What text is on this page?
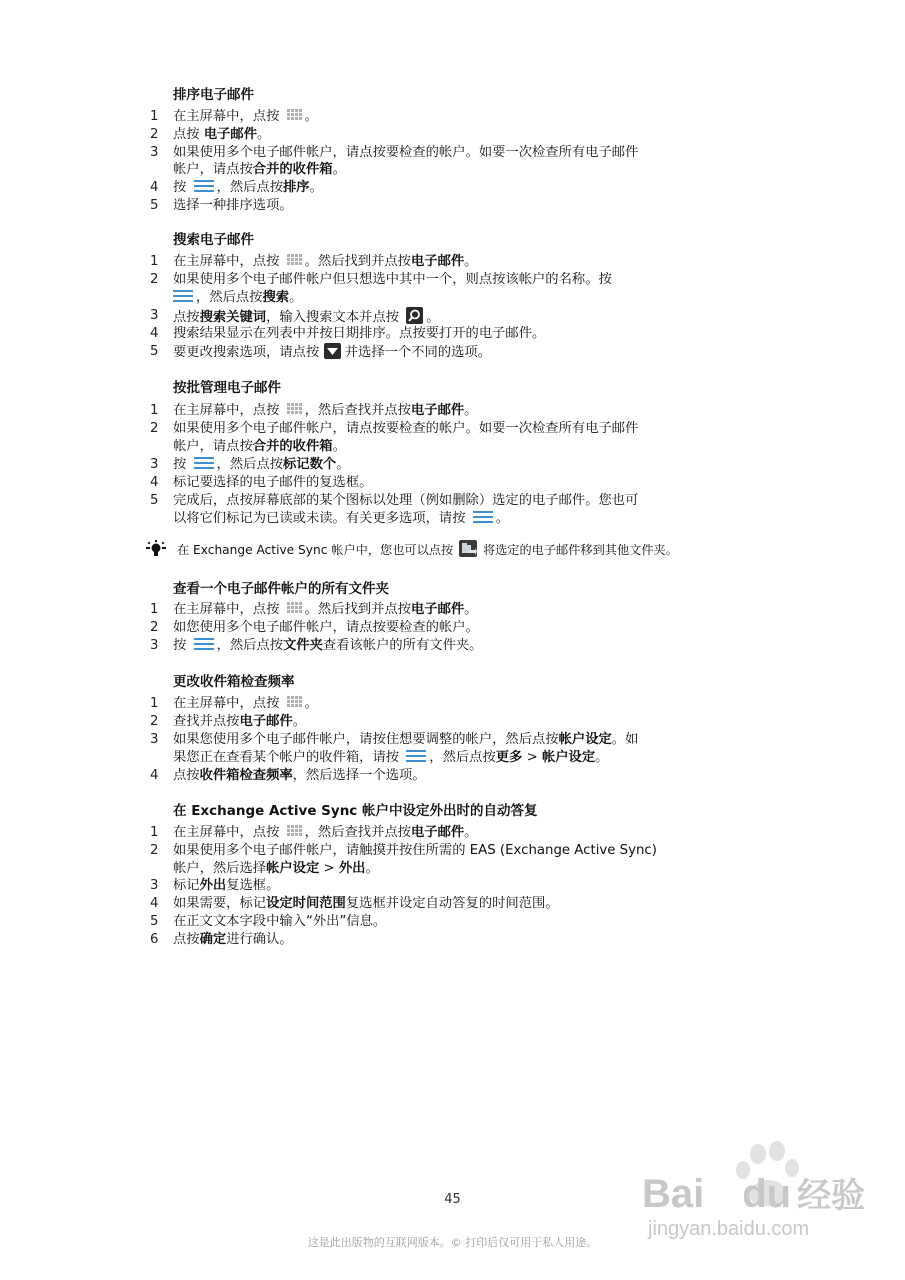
排序电子邮件
1	在主屏幕中，点按 。
2	点按 电子邮件。
3	如果使用多个电子邮件帐户，请点按要检查的帐户。如要一次检查所有电子邮件
帐户，请点按合并的收件箱。
4	按 ，然后点按排序。
5	选择一种排序选项。
搜索电子邮件
1	在主屏幕中，点按 。然后找到并点按电子邮件。
2	如果使用多个电子邮件帐户但只想选中其中一个，则点按该帐户的名称。按
，然后点按搜索。
3	点按搜索关键词，输入搜索文本并点按 。
4	搜索结果显示在列表中并按日期排序。点按要打开的电子邮件。
5	要更改搜索选项，请点按  并选择一个不同的选项。
按批管理电子邮件
1	在主屏幕中，点按 ，然后查找并点按电子邮件。
2	如果使用多个电子邮件帐户，请点按要检查的帐户。如要一次检查所有电子邮件
帐户，请点按合并的收件箱。
3	按 ，然后点按标记数个。
4	标记要选择的电子邮件的复选框。
5	完成后，点按屏幕底部的某个图标以处理（例如删除）选定的电子邮件。您也可
以将它们标记为已读或未读。有关更多选项，请按 。
在 Exchange Active Sync 帐户中，您也可以点按  将选定的电子邮件移到其他文件夹。
查看一个电子邮件帐户的所有文件夹
1	在主屏幕中，点按 。然后找到并点按电子邮件。
2	如您使用多个电子邮件帐户，请点按要检查的帐户。
3	按 ，然后点按文件夹查看该帐户的所有文件夹。
更改收件箱检查频率
1	在主屏幕中，点按 。
2	查找并点按电子邮件。
3	如果您使用多个电子邮件帐户，请按住想要调整的帐户，然后点按帐户设定。如
果您正在查看某个帐户的收件箱，请按 ，然后点按更多 > 帐户设定。
4	点按收件箱检查频率，然后选择一个选项。
在 Exchange Active Sync 帐户中设定外出时的自动答复
1	在主屏幕中，点按 ，然后查找并点按电子邮件。
2	如果使用多个电子邮件帐户，请触摸并按住所需的 EAS (Exchange Active Sync)
帐户，然后选择帐户设定 > 外出。
3	标记外出复选框。
4	如果需要，标记设定时间范围复选框并设定自动答复的时间范围。
5	在正文文本字段中输入“外出”信息。
6	点按确定进行确认。
45
这是此出版物的互联网版本。© 打印后仅可用于私人用途。
Bai du 经验
jingyan.baidu.com
